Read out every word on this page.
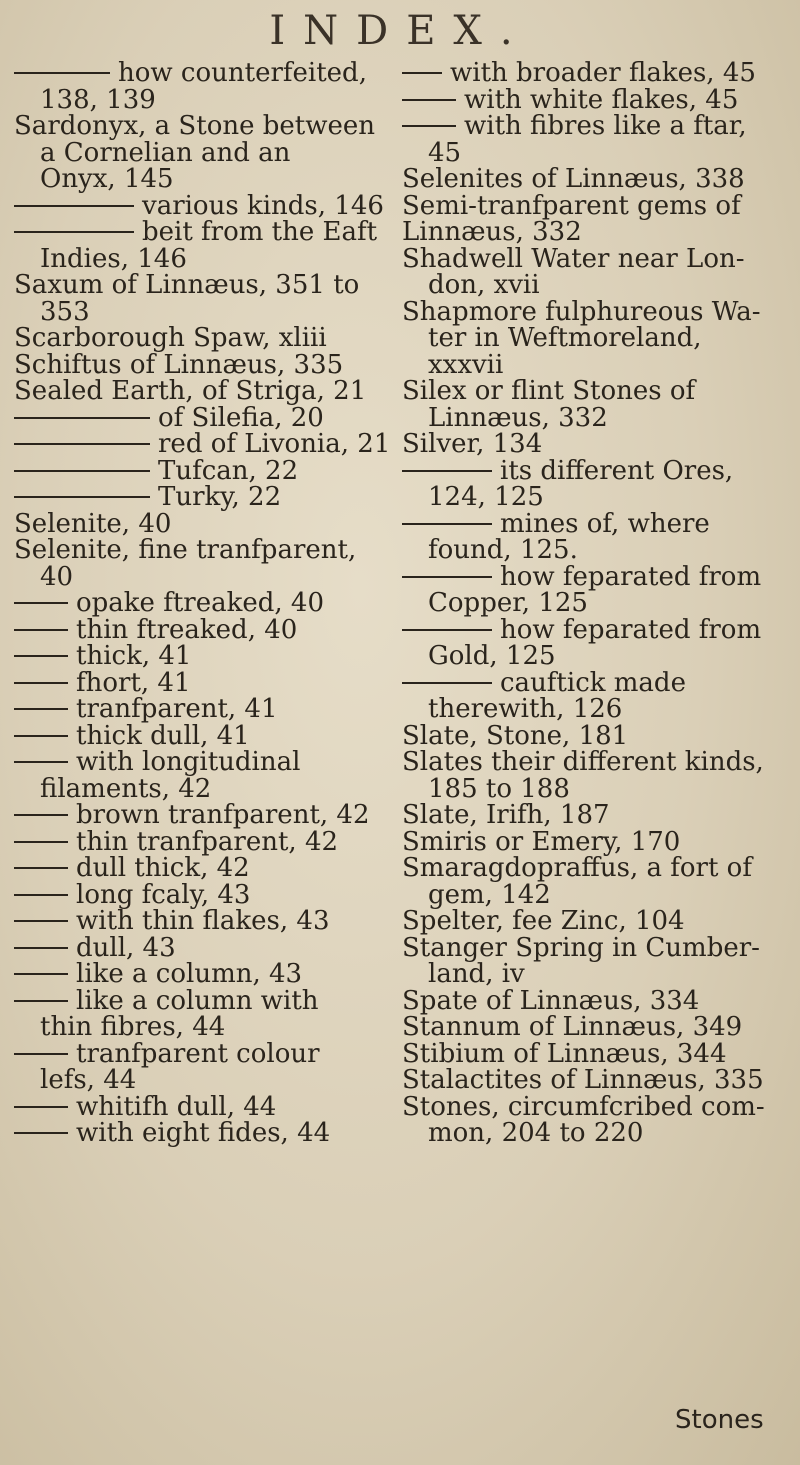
INDEX.
how counterfeited,
138, 139
Sardonyx, a Stone between
a Cornelian and an
Onyx, 145
various kinds, 146
beit from the Eaft
Indies, 146
Saxum of Linnæus, 351 to
353
Scarborough Spaw, xliii
Schiftus of Linnæus, 335
Sealed Earth, of Striga, 21
of Silefia, 20
red of Livonia, 21
Tufcan, 22
Turky, 22
Selenite, 40
Selenite, fine tranfparent,
40
opake ftreaked, 40
thin ftreaked, 40
thick, 41
fhort, 41
tranfparent, 41
thick dull, 41
with longitudinal
filaments, 42
brown tranfparent, 42
thin tranfparent, 42
dull thick, 42
long fcaly, 43
with thin flakes, 43
dull, 43
like a column, 43
like a column with
thin fibres, 44
tranfparent colour
lefs, 44
whitifh dull, 44
with eight fides, 44
with broader flakes, 45
with white flakes, 45
with fibres like a ftar,
45
Selenites of Linnæus, 338
Semi-tranfparent gems of
Linnæus, 332
Shadwell Water near Lon-
don, xvii
Shapmore fulphureous Wa-
ter in Weftmoreland,
xxxvii
Silex or flint Stones of
Linnæus, 332
Silver, 134
its different Ores,
124, 125
mines of, where
found, 125.
how feparated from
Copper, 125
how feparated from
Gold, 125
cauftick made
therewith, 126
Slate, Stone, 181
Slates their different kinds,
185 to 188
Slate, Irifh, 187
Smiris or Emery, 170
Smaragdopraffus, a fort of
gem, 142
Spelter, fee Zinc, 104
Stanger Spring in Cumber-
land, iv
Spate of Linnæus, 334
Stannum of Linnæus, 349
Stibium of Linnæus, 344
Stalactites of Linnæus, 335
Stones, circumfcribed com-
mon, 204 to 220
Stones
